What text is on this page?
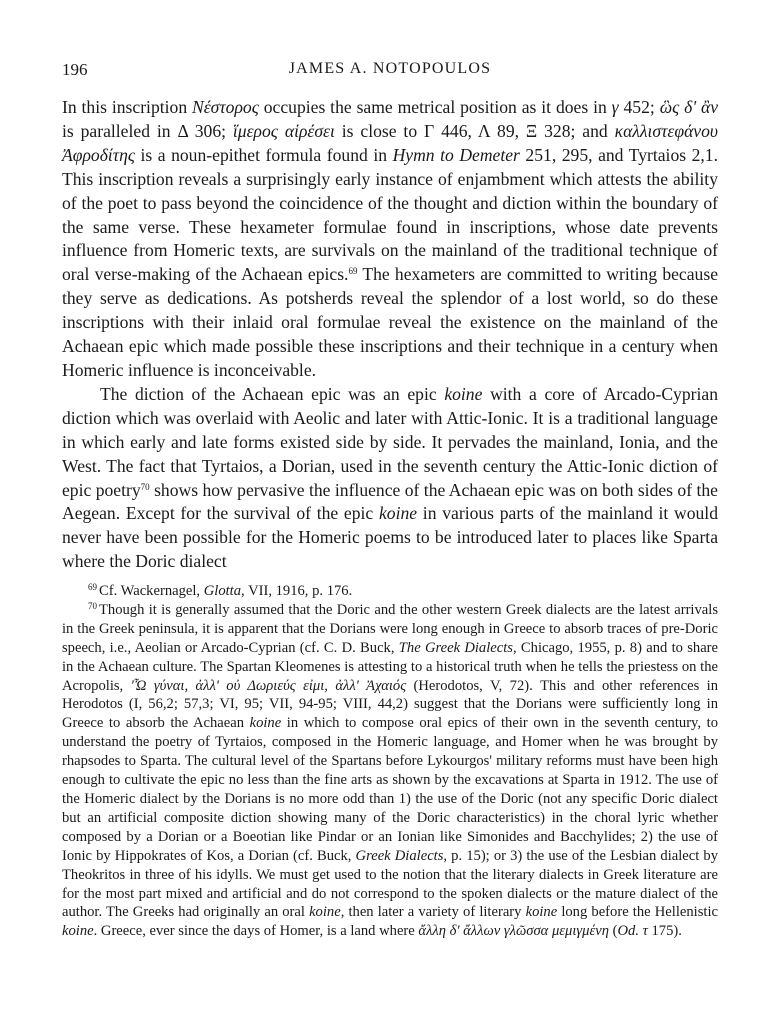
196	JAMES A. NOTOPOULOS

In this inscription Νέστορος occupies the same metrical position as it does in γ 452; ὣς δ' ἂν is paralleled in Δ 306; ἵμερος αἱρέσει is close to Γ 446, Λ 89, Ξ 328; and καλλιστεφάνου Ἀφροδίτης is a noun-epithet formula found in Hymn to Demeter 251, 295, and Tyrtaios 2,1. This inscription reveals a surprisingly early instance of enjambment which attests the ability of the poet to pass beyond the coincidence of the thought and diction within the boundary of the same verse. These hexameter formulae found in inscriptions, whose date prevents influence from Homeric texts, are survivals on the mainland of the traditional technique of oral verse-making of the Achaean epics.$^{69}$ The hexameters are committed to writing because they serve as dedications. As potsherds reveal the splendor of a lost world, so do these inscriptions with their inlaid oral formulae reveal the existence on the mainland of the Achaean epic which made possible these inscriptions and their technique in a century when Homeric influence is inconceivable.

The diction of the Achaean epic was an epic koine with a core of Arcado-Cyprian diction which was overlaid with Aeolic and later with Attic-Ionic. It is a traditional language in which early and late forms existed side by side. It pervades the mainland, Ionia, and the West. The fact that Tyrtaios, a Dorian, used in the seventh century the Attic-Ionic diction of epic poetry$^{70}$ shows how pervasive the influence of the Achaean epic was on both sides of the Aegean. Except for the survival of the epic koine in various parts of the mainland it would never have been possible for the Homeric poems to be introduced later to places like Sparta where the Doric dialect

$^{69}$ Cf. Wackernagel, Glotta, VII, 1916, p. 176.

$^{70}$ Though it is generally assumed that the Doric and the other western Greek dialects are the latest arrivals in the Greek peninsula, it is apparent that the Dorians were long enough in Greece to absorb traces of pre-Doric speech, i.e., Aeolian or Arcado-Cyprian (cf. C. D. Buck, The Greek Dialects, Chicago, 1955, p. 8) and to share in the Achaean culture. The Spartan Kleomenes is attesting to a historical truth when he tells the priestess on the Acropolis, 'Ὦ γύναι, ἀλλ' οὐ Δωριεύς εἰμι, ἀλλ' Ἀχαιός (Herodotos, V, 72). This and other references in Herodotos (I, 56,2; 57,3; VI, 95; VII, 94-95; VIII, 44,2) suggest that the Dorians were sufficiently long in Greece to absorb the Achaean koine in which to compose oral epics of their own in the seventh century, to understand the poetry of Tyrtaios, composed in the Homeric language, and Homer when he was brought by rhapsodes to Sparta. The cultural level of the Spartans before Lykourgos' military reforms must have been high enough to cultivate the epic no less than the fine arts as shown by the excavations at Sparta in 1912. The use of the Homeric dialect by the Dorians is no more odd than 1) the use of the Doric (not any specific Doric dialect but an artificial composite diction showing many of the Doric characteristics) in the choral lyric whether composed by a Dorian or a Boeotian like Pindar or an Ionian like Simonides and Bacchylides; 2) the use of Ionic by Hippokrates of Kos, a Dorian (cf. Buck, Greek Dialects, p. 15); or 3) the use of the Lesbian dialect by Theokritos in three of his idylls. We must get used to the notion that the literary dialects in Greek literature are for the most part mixed and artificial and do not correspond to the spoken dialects or the mature dialect of the author. The Greeks had originally an oral koine, then later a variety of literary koine long before the Hellenistic koine. Greece, ever since the days of Homer, is a land where ἄλλη δ' ἄλλων γλῶσσα μεμιγμένη (Od. τ 175).
